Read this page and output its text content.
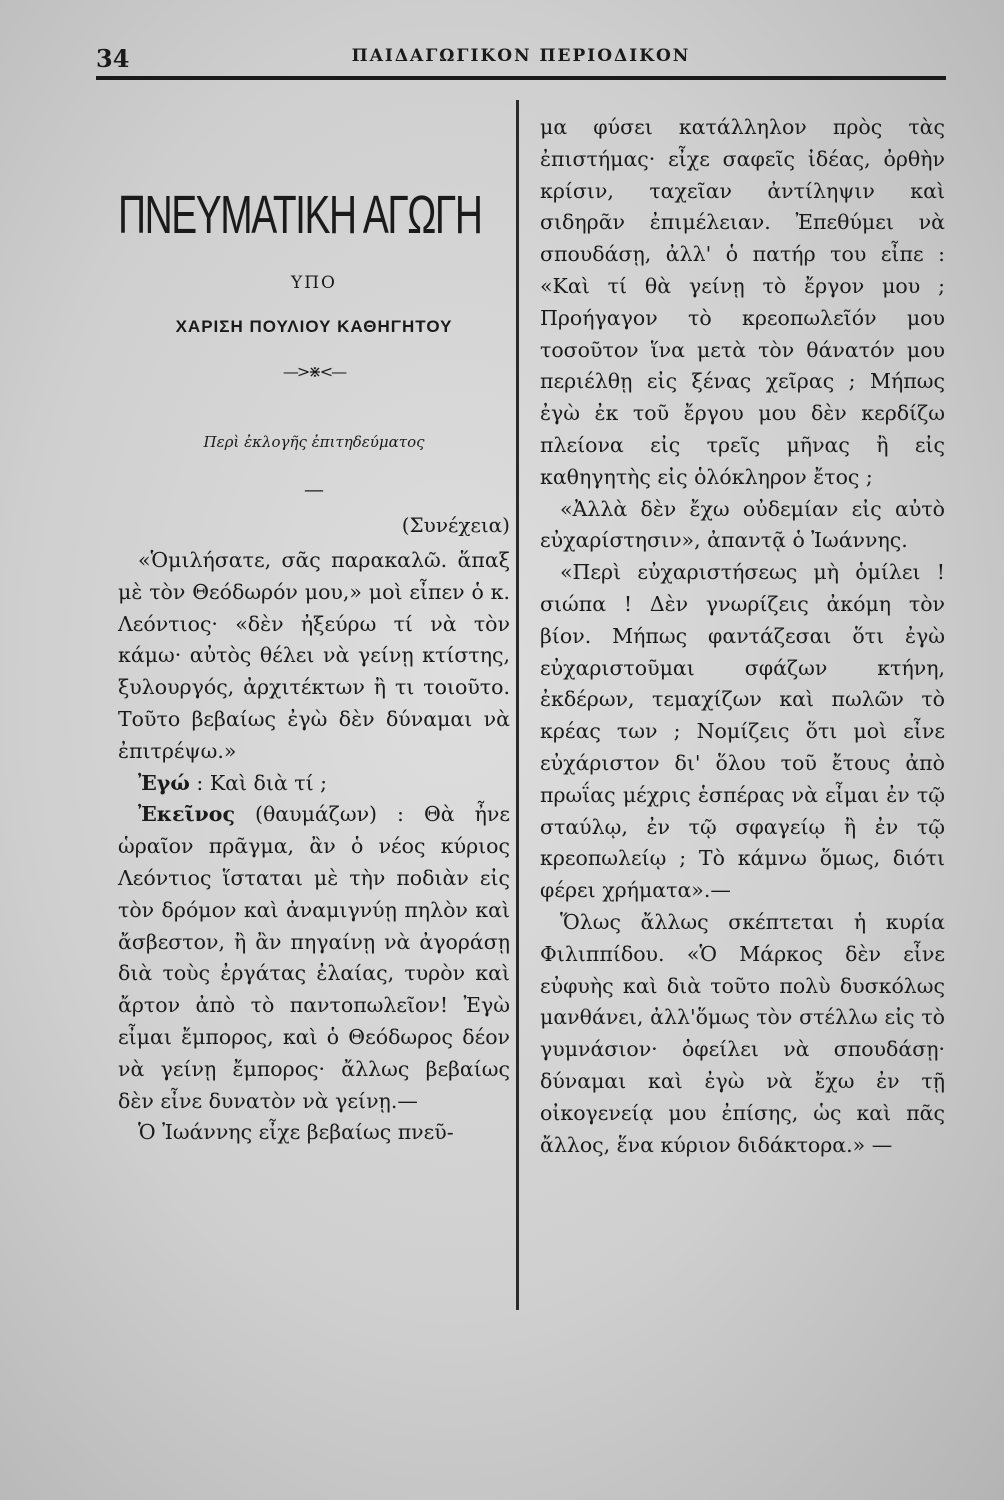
34	ΠΑΙΔΑΓΩΓΙΚΟΝ ΠΕΡΙΟΔΙΚΟΝ
ΠΝΕΥΜΑΤΙΚΗ ΑΓΩΓΗ
ΥΠΟ
ΧΑΡΙΣΗ ΠΟΥΛΙΟΥ ΚΑΘΗΓΗΤΟΥ
—>⋇<—
Περὶ ἐκλογῆς ἐπιτηδεύματος
—
(Συνέχεια)

«Ὁμιλήσατε, σᾶς παρακαλῶ. ἅπαξ μὲ τὸν Θεόδωρόν μου,» μοὶ εἶπεν ὁ κ. Λεόντιος· «δὲν ἠξεύρω τί νὰ τὸν κάμω· αὐτὸς θέλει νὰ γείνῃ κτίστης, ξυλουργός, ἀρχιτέκτων ἢ τι τοιοῦτο. Τοῦτο βεβαίως ἐγὼ δὲν δύναμαι νὰ ἐπιτρέψω.»

Ἐγώ : Καὶ διὰ τί ;

Ἐκεῖνος (θαυμάζων) : Θὰ ἦνε ὡραῖον πρᾶγμα, ἂν ὁ νέος κύριος Λεόντιος ἵσταται μὲ τὴν ποδιὰν εἰς τὸν δρόμον καὶ ἀναμιγνύῃ πηλὸν καὶ ἄσβεστον, ἢ ἂν πηγαίνῃ νὰ ἀγοράσῃ διὰ τοὺς ἐργάτας ἐλαίας, τυρὸν καὶ ἄρτον ἀπὸ τὸ παντοπωλεῖον! Ἐγὼ εἶμαι ἔμπορος, καὶ ὁ Θεόδωρος δέον νὰ γείνῃ ἔμπορος· ἄλλως βεβαίως δὲν εἶνε δυνατὸν νὰ γείνῃ.—

Ὁ Ἰωάννης εἶχε βεβαίως πνεῦ-

μα φύσει κατάλληλον πρὸς τὰς ἐπιστήμας· εἶχε σαφεῖς ἰδέας, ὀρθὴν κρίσιν, ταχεῖαν ἀντίληψιν καὶ σιδηρᾶν ἐπιμέλειαν. Ἐπεθύμει νὰ σπουδάσῃ, ἀλλ' ὁ πατήρ του εἶπε : «Καὶ τί θὰ γείνῃ τὸ ἔργον μου ; Προήγαγον τὸ κρεοπωλεῖόν μου τοσοῦτον ἵνα μετὰ τὸν θάνατόν μου περιέλθῃ εἰς ξένας χεῖρας ; Μήπως ἐγὼ ἐκ τοῦ ἔργου μου δὲν κερδίζω πλείονα εἰς τρεῖς μῆνας ἢ εἰς καθηγητὴς εἰς ὁλόκληρον ἔτος ;

«Ἀλλὰ δὲν ἔχω οὐδεμίαν εἰς αὐτὸ εὐχαρίστησιν», ἀπαντᾷ ὁ Ἰωάννης.

«Περὶ εὐχαριστήσεως μὴ ὁμίλει ! σιώπα ! Δὲν γνωρίζεις ἀκόμη τὸν βίον. Μήπως φαντάζεσαι ὅτι ἐγὼ εὐχαριστοῦμαι σφάζων κτήνη, ἐκδέρων, τεμαχίζων καὶ πωλῶν τὸ κρέας των ; Νομίζεις ὅτι μοὶ εἶνε εὐχάριστον δι' ὅλου τοῦ ἔτους ἀπὸ πρωΐας μέχρις ἑσπέρας νὰ εἶμαι ἐν τῷ σταύλῳ, ἐν τῷ σφαγείῳ ἢ ἐν τῷ κρεοπωλείῳ ; Τὸ κάμνω ὅμως, διότι φέρει χρήματα».—

Ὅλως ἄλλως σκέπτεται ἡ κυρία Φιλιππίδου. «Ὁ Μάρκος δὲν εἶνε εὐφυὴς καὶ διὰ τοῦτο πολὺ δυσκόλως μανθάνει, ἀλλ'ὅμως τὸν στέλλω εἰς τὸ γυμνάσιον· ὀφείλει νὰ σπουδάσῃ· δύναμαι καὶ ἐγὼ νὰ ἔχω ἐν τῇ οἰκογενείᾳ μου ἐπίσης, ὡς καὶ πᾶς ἄλλος, ἕνα κύριον διδάκτορα.» —
